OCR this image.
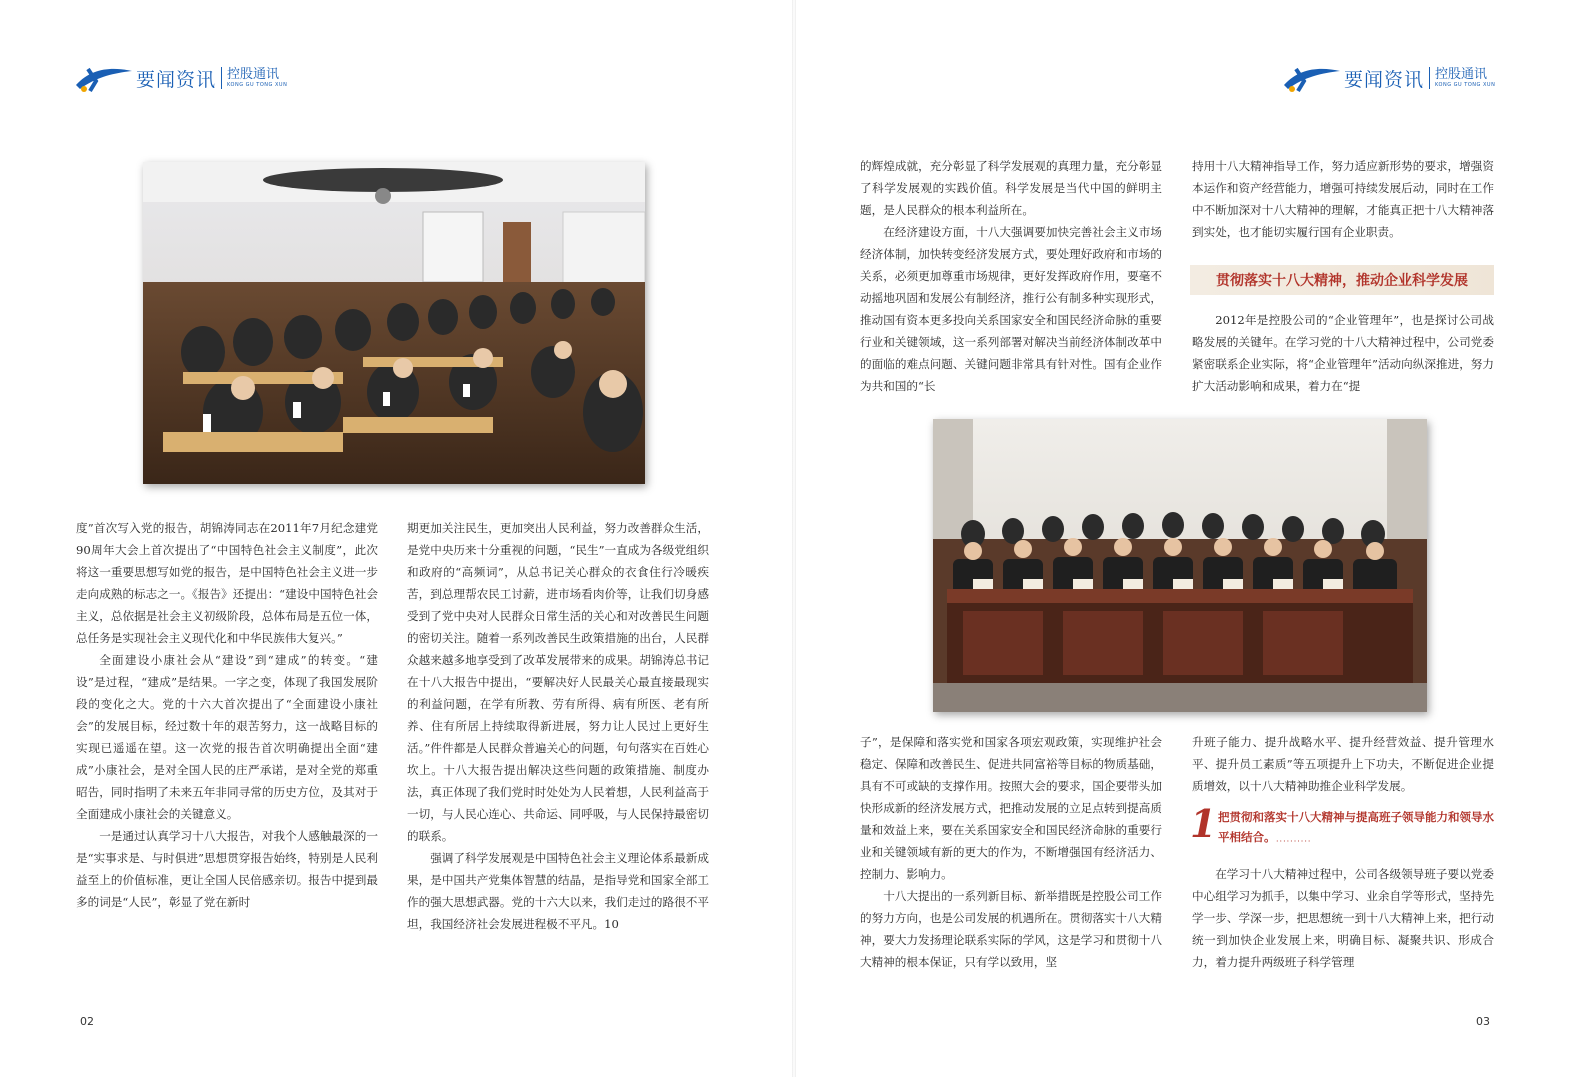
要闻资讯 控股通讯
KONG GU TONG XUN	要闻资讯 控股通讯
KONG GU TONG XUN

度”首次写入党的报告，胡锦涛同志在2011年7月纪念建党90周年大会上首次提出了“中国特色社会主义制度”，此次将这一重要思想写如党的报告，是中国特色社会主义进一步走向成熟的标志之一。《报告》还提出：“建设中国特色社会主义，总依据是社会主义初级阶段，总体布局是五位一体，总任务是实现社会主义现代化和中华民族伟大复兴。”

全面建设小康社会从“建设”到“建成”的转变。“建设”是过程，“建成”是结果。一字之变，体现了我国发展阶段的变化之大。党的十六大首次提出了“全面建设小康社会”的发展目标，经过数十年的艰苦努力，这一战略目标的实现已遥遥在望。这一次党的报告首次明确提出全面“建成”小康社会，是对全国人民的庄严承诺，是对全党的郑重昭告，同时指明了未来五年非同寻常的历史方位，及其对于全面建成小康社会的关键意义。

一是通过认真学习十八大报告，对我个人感触最深的一是“实事求是、与时俱进”思想贯穿报告始终，特别是人民利益至上的价值标准，更让全国人民倍感亲切。报告中提到最多的词是“人民”，彰显了党在新时

期更加关注民生，更加突出人民利益，努力改善群众生活，是党中央历来十分重视的问题，“民生”一直成为各级党组织和政府的“高频词”，从总书记关心群众的衣食住行冷暖疾苦，到总理帮农民工讨薪，进市场看肉价等，让我们切身感受到了党中央对人民群众日常生活的关心和对改善民生问题的密切关注。随着一系列改善民生政策措施的出台，人民群众越来越多地享受到了改革发展带来的成果。胡锦涛总书记在十八大报告中提出，“要解决好人民最关心最直接最现实的利益问题，在学有所教、劳有所得、病有所医、老有所养、住有所居上持续取得新进展，努力让人民过上更好生活。”件件都是人民群众普遍关心的问题，句句落实在百姓心坎上。十八大报告提出解决这些问题的政策措施、制度办法，真正体现了我们党时时处处为人民着想，人民利益高于一切，与人民心连心、共命运、同呼吸，与人民保持最密切的联系。

强调了科学发展观是中国特色社会主义理论体系最新成果，是中国共产党集体智慧的结晶，是指导党和国家全部工作的强大思想武器。党的十六大以来，我们走过的路很不平坦，我国经济社会发展进程极不平凡。10

02

的辉煌成就，充分彰显了科学发展观的真理力量，充分彰显了科学发展观的实践价值。科学发展是当代中国的鲜明主题，是人民群众的根本利益所在。

在经济建设方面，十八大强调要加快完善社会主义市场经济体制，加快转变经济发展方式，要处理好政府和市场的关系，必须更加尊重市场规律，更好发挥政府作用，要毫不动摇地巩固和发展公有制经济，推行公有制多种实现形式，推动国有资本更多投向关系国家安全和国民经济命脉的重要行业和关键领域，这一系列部署对解决当前经济体制改革中的面临的难点问题、关键问题非常具有针对性。国有企业作为共和国的“长

持用十八大精神指导工作，努力适应新形势的要求，增强资本运作和资产经营能力，增强可持续发展后动，同时在工作中不断加深对十八大精神的理解，才能真正把十八大精神落到实处，也才能切实履行国有企业职责。

贯彻落实十八大精神，推动企业科学发展

2012年是控股公司的“企业管理年”，也是探讨公司战略发展的关键年。在学习党的十八大精神过程中，公司党委紧密联系企业实际，将“企业管理年”活动向纵深推进，努力扩大活动影响和成果，着力在“提

子”，是保障和落实党和国家各项宏观政策，实现维护社会稳定、保障和改善民生、促进共同富裕等目标的物质基础，具有不可或缺的支撑作用。按照大会的要求，国企要带头加快形成新的经济发展方式，把推动发展的立足点转到提高质量和效益上来，要在关系国家安全和国民经济命脉的重要行业和关键领域有新的更大的作为，不断增强国有经济活力、控制力、影响力。

十八大提出的一系列新目标、新举措既是控股公司工作的努力方向，也是公司发展的机遇所在。贯彻落实十八大精神，要大力发扬理论联系实际的学风，这是学习和贯彻十八大精神的根本保证，只有学以致用，坚

升班子能力、提升战略水平、提升经营效益、提升管理水平、提升员工素质”等五项提升上下功夫，不断促进企业提质增效，以十八大精神助推企业科学发展。

1 把贯彻和落实十八大精神与提高班子领导能力和领导水平相结合。 ··········

在学习十八大精神过程中，公司各级领导班子要以党委中心组学习为抓手，以集中学习、业余自学等形式，坚持先学一步、学深一步，把思想统一到十八大精神上来，把行动统一到加快企业发展上来，明确目标、凝聚共识、形成合力，着力提升两级班子科学管理

03
